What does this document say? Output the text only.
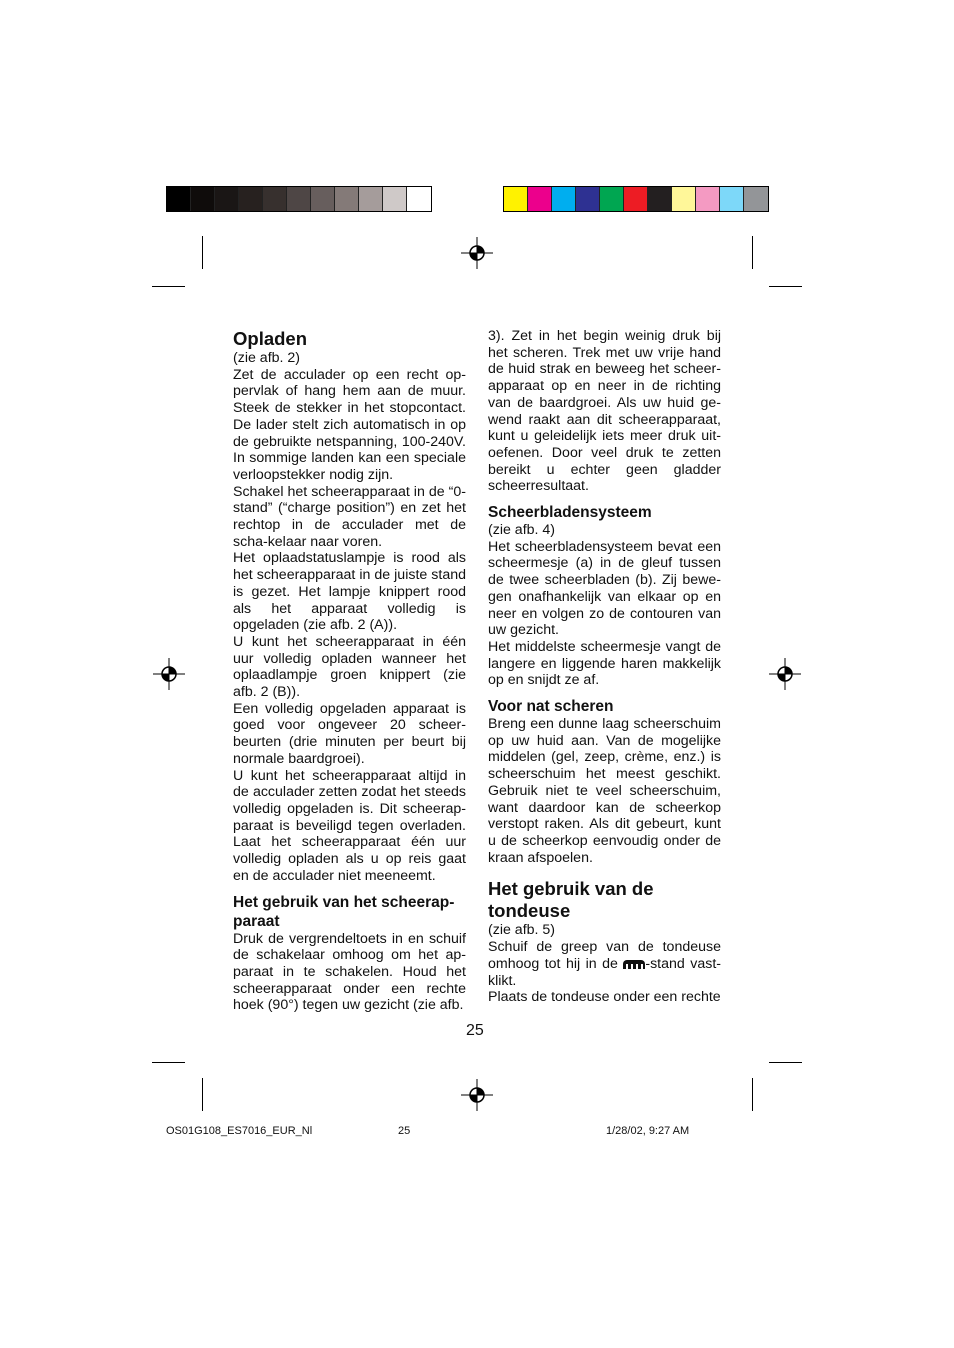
Opladen

(zie afb. 2)

Zet de acculader op een recht op-pervlak of hang hem aan de muur. Steek de stekker in het stopcontact. De lader stelt zich automatisch in op de gebruikte netspanning, 100-240V. In sommige landen kan een speciale verloopstekker nodig zijn.

Schakel het scheerapparaat in de “0-stand” (“charge position”) en zet het rechtop in de acculader met de scha-kelaar naar voren.

Het oplaadstatuslampje is rood als het scheerapparaat in de juiste stand is gezet. Het lampje knippert rood als het apparaat volledig is opgeladen (zie afb. 2 (A)).

U kunt het scheerapparaat in één uur volledig opladen wanneer het oplaadlampje groen knippert (zie afb. 2 (B)).

Een volledig opgeladen apparaat is goed voor ongeveer 20 scheer-beurten (drie minuten per beurt bij normale baardgroei).

U kunt het scheerapparaat altijd in de acculader zetten zodat het steeds volledig opgeladen is. Dit scheerap-paraat is beveiligd tegen overladen. Laat het scheerapparaat één uur volledig opladen als u op reis gaat en de acculader niet meeneemt.

Het gebruik van het scheerap-paraat

Druk de vergrendeltoets in en schuif de schakelaar omhoog om het ap-paraat in te schakelen. Houd het scheerapparaat onder een rechte hoek (90°) tegen uw gezicht (zie afb.

3). Zet in het begin weinig druk bij het scheren. Trek met uw vrije hand de huid strak en beweeg het scheer-apparaat op en neer in de richting van de baardgroei. Als uw huid ge-wend raakt aan dit scheerapparaat, kunt u geleidelijk iets meer druk uit-oefenen. Door veel druk te zetten bereikt u echter geen gladder scheerresultaat.

Scheerbladensysteem

(zie afb. 4)

Het scheerbladensysteem bevat een scheermesje (a) in de gleuf tussen de twee scheerbladen (b). Zij bewe-gen onafhankelijk van elkaar op en neer en volgen zo de contouren van uw gezicht.

Het middelste scheermesje vangt de langere en liggende haren makkelijk op en snijdt ze af.

Voor nat scheren

Breng een dunne laag scheerschuim op uw huid aan. Van de mogelijke middelen (gel, zeep, crème, enz.) is scheerschuim het meest geschikt. Gebruik niet te veel scheerschuim, want daardoor kan de scheerkop verstopt raken. Als dit gebeurt, kunt u de scheerkop eenvoudig onder de kraan afspoelen.

Het gebruik van de tondeuse

(zie afb. 5)

Schuif de greep van de tondeuse omhoog tot hij in de
-stand vast-klikt.

Plaats de tondeuse onder een rechte

25
OS01G108_ES7016_EUR_Nl	25	1/28/02, 9:27 AM
